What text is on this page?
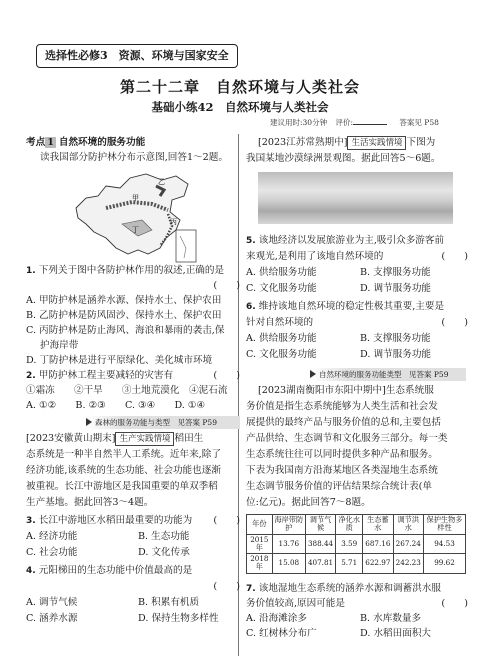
选择性必修3　资源、环境与国家安全
第二十二章　自然环境与人类社会
基础小练42　自然环境与人类社会
建议用时:30分钟 评价:	答案见 P58
考点 1 自然环境的服务功能
读我国部分防护林分布示意图,回答1～2题。
甲
乙
丙
丁
1. 下列关于图中各防护林作用的叙述,正确的是
(　　)
A. 甲防护林是涵养水源、保持水土、保护农田
B. 乙防护林是防风固沙、保持水土、保护农田
C. 丙防护林是防止海风、海浪和暴雨的袭击,保
护海岸带
D. 丁防护林是进行平原绿化、美化城市环境
2. 甲防护林工程主要减轻的灾害有	(　　)
①霜冻　　②干旱　　③土地荒漠化　④泥石流
A. ①②　　B. ②③　　C. ③④　　D. ①④
森林的服务功能与类型　见答案 P59
[2023安徽黄山期末] 生产实践情境 稻田生
态系统是一种半自然半人工系统。近年来,除了
经济功能,该系统的生态功能、社会功能也逐渐
被重视。长江中游地区是我国重要的单双季稻
生产基地。据此回答3～4题。
3. 长江中游地区水稻田最重要的功能为 (　　)
A. 经济功能	B. 生态功能
C. 社会功能	D. 文化传承
4. 元阳梯田的生态功能中价值最高的是
(　　)
A. 调节气候	B. 积累有机质
C. 涵养水源	D. 保持生物多样性
[2023江苏常熟期中] 生活实践情境 下图为
我国某地沙漠绿洲景观图。据此回答5～6题。
5. 该地经济以发展旅游业为主,吸引众多游客前
来观光,是利用了该地自然环境的	(　　)
A. 供给服务功能	B. 支撑服务功能
C. 文化服务功能	D. 调节服务功能
6. 维持该地自然环境的稳定性极其重要,主要是
针对自然环境的	(　　)
A. 供给服务功能	B. 支撑服务功能
C. 文化服务功能	D. 调节服务功能
自然环境的服务功能类型　见答案 P59
[2023湖南衡阳市东阳中期中]生态系统服
务价值是指生态系统能够为人类生活和社会发
展提供的最终产品与服务价值的总和,主要包括
产品供给、生态调节和文化服务三部分。每一类
生态系统往往可以同时提供多种产品和服务。
下表为我国南方沿海某地区各类湿地生态系统
生态调节服务价值的评估结果综合统计表(单
位:亿元)。据此回答7～8题。
年份	海岸带防护	调节气候	净化水质	生态蓄水	调节洪水	保护生物多样性
2015年	13.76	388.44	3.59	687.16	267.24	94.53
2018年	15.08	407.81	5.71	622.97	242.23	99.62
7. 该地湿地生态系统的涵养水源和调蓄洪水服
务价值较高,原因可能是	(　　)
A. 沿海滩涂多	B. 水库数量多
C. 红树林分布广	D. 水稻田面积大
